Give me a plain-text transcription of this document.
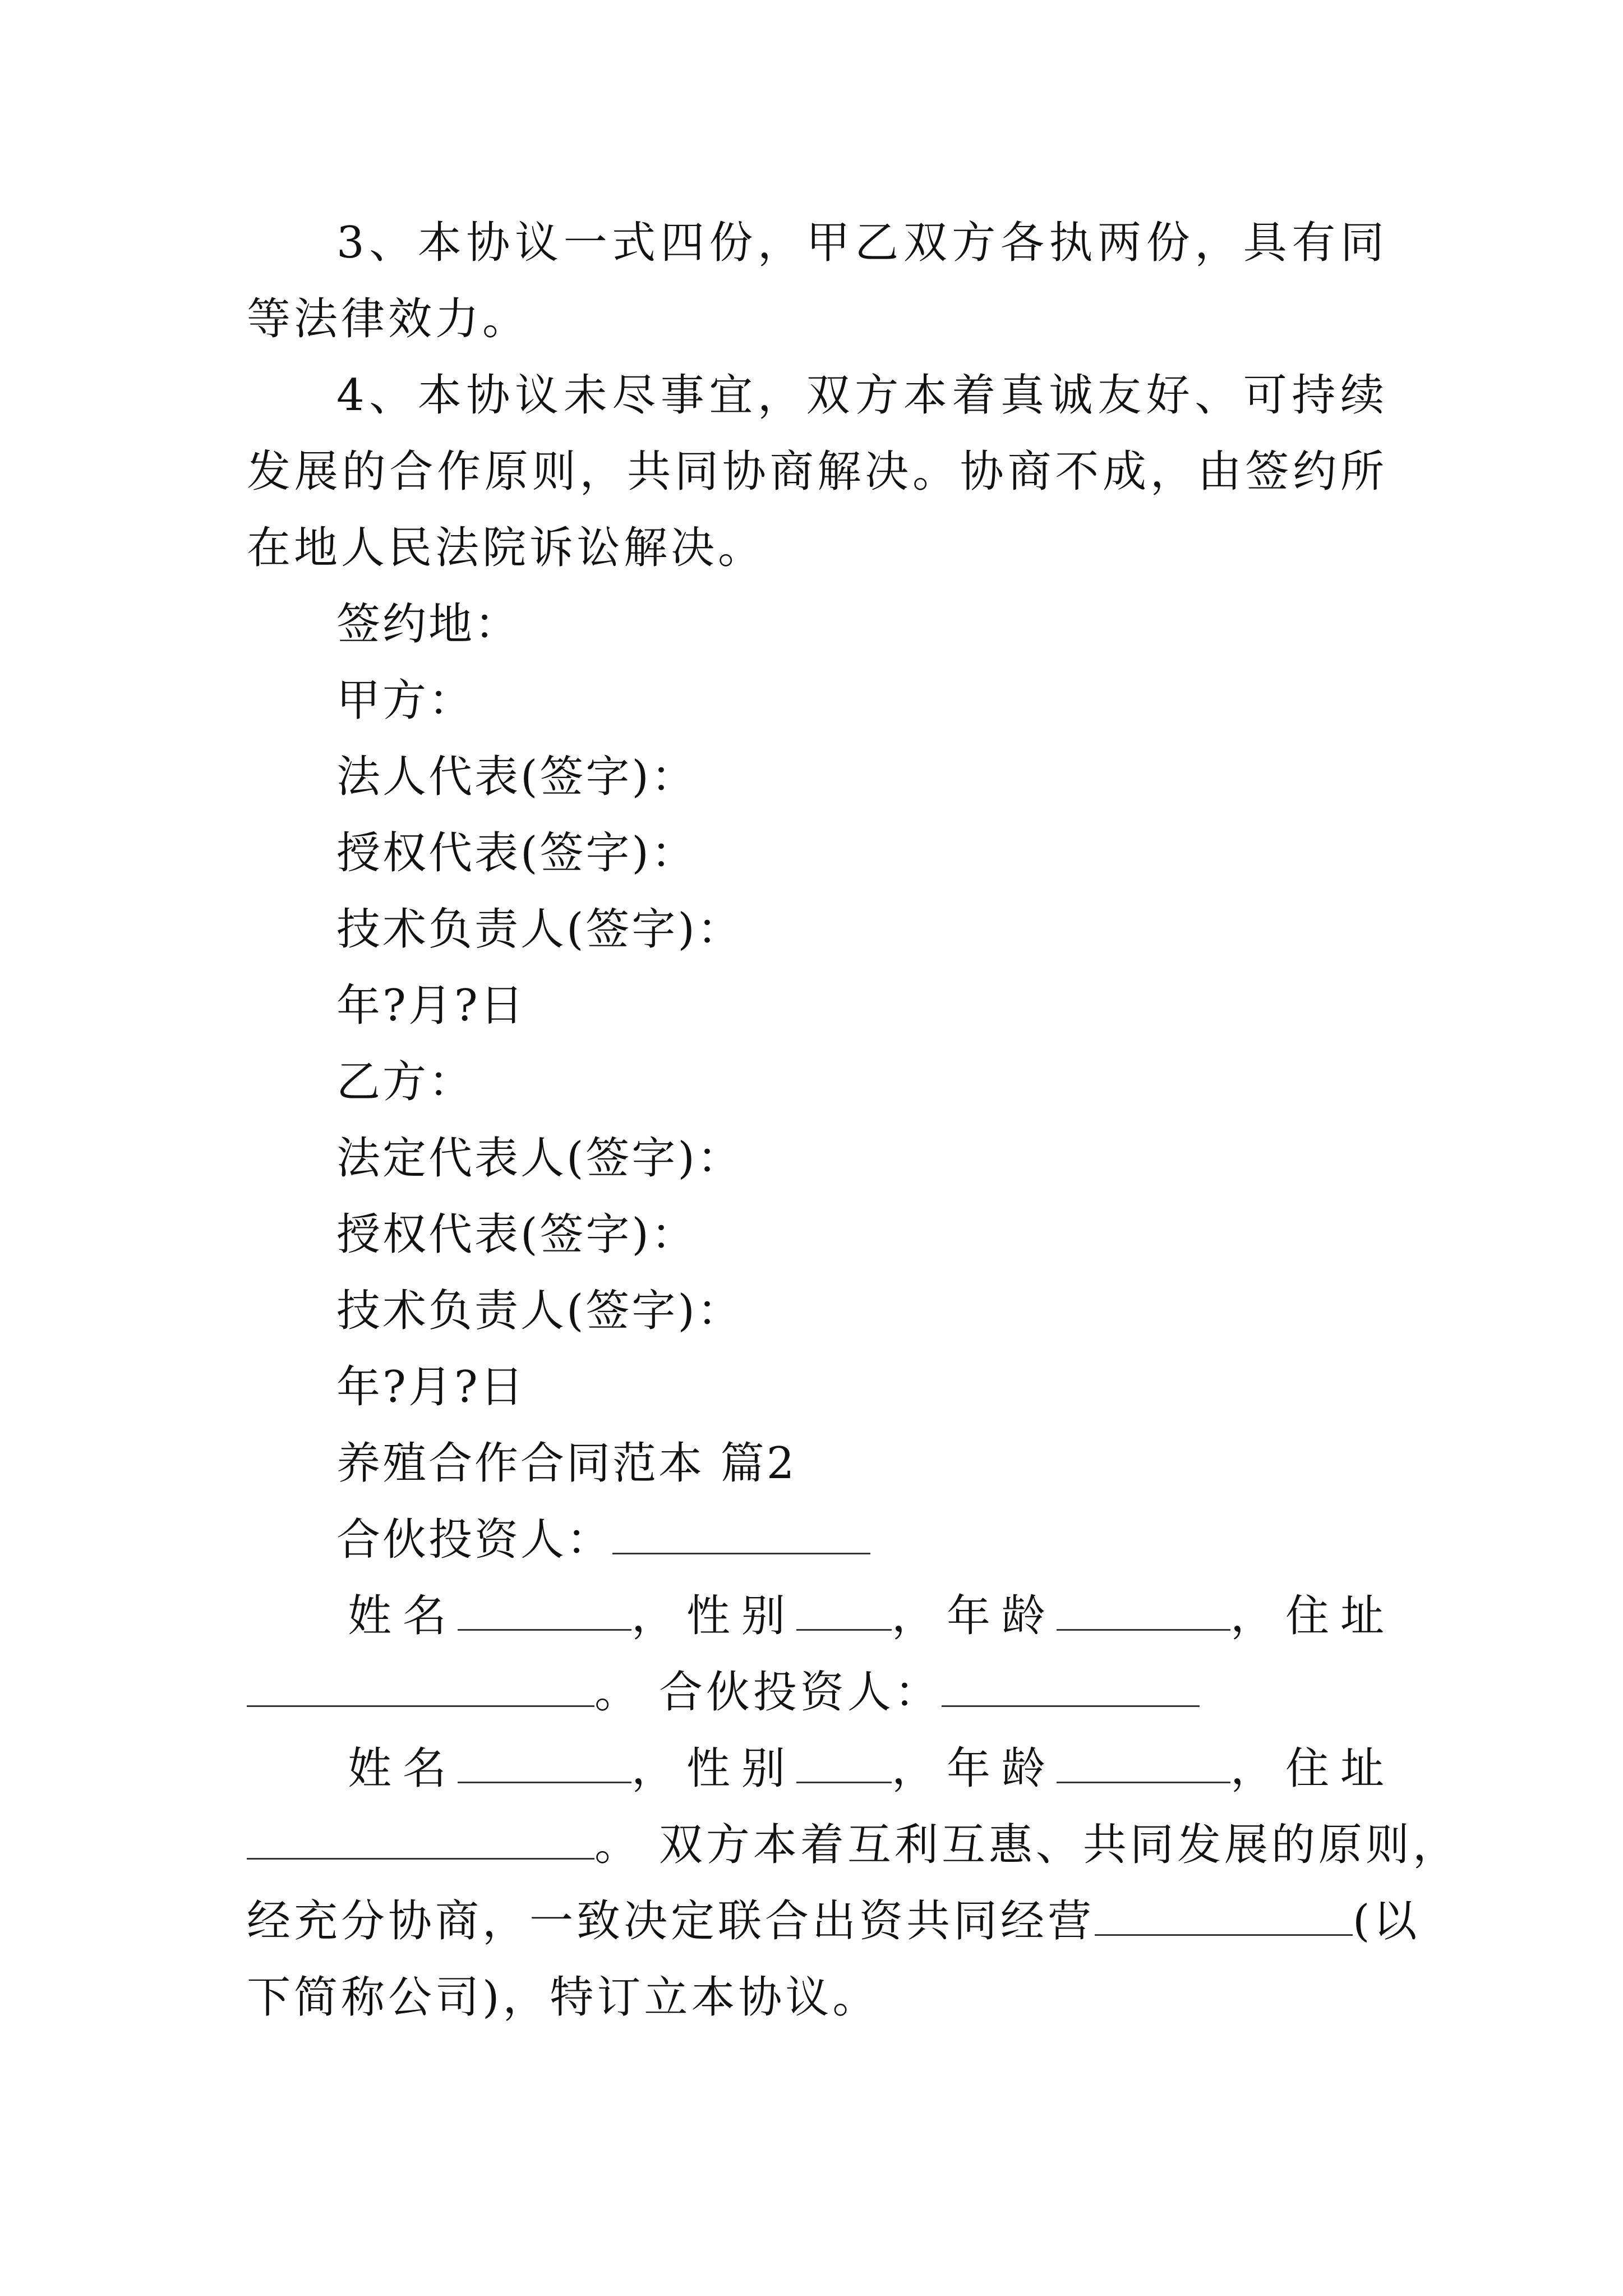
3、本协议一式四份，甲乙双方各执两份，具有同等法律效力。

4、本协议未尽事宜，双方本着真诚友好、可持续发展的合作原则，共同协商解决。协商不成，由签约所在地人民法院诉讼解决。

签约地：

甲方：

法人代表(签字)：

授权代表(签字)：

技术负责人(签字)：

年?月?日

乙方：

法定代表人(签字)：

授权代表(签字)：

技术负责人(签字)：

年?月?日

养殖合作合同范本 篇2

合伙投资人：

姓名	，性别 ，年龄	，住址

。 合伙投资人：

姓名	，性别 ，年龄	，住址

。 双方本着互利互惠、共同发展的原则，

经充分协商，一致决定联合出资共同经营	(以

下简称公司)，特订立本协议。
